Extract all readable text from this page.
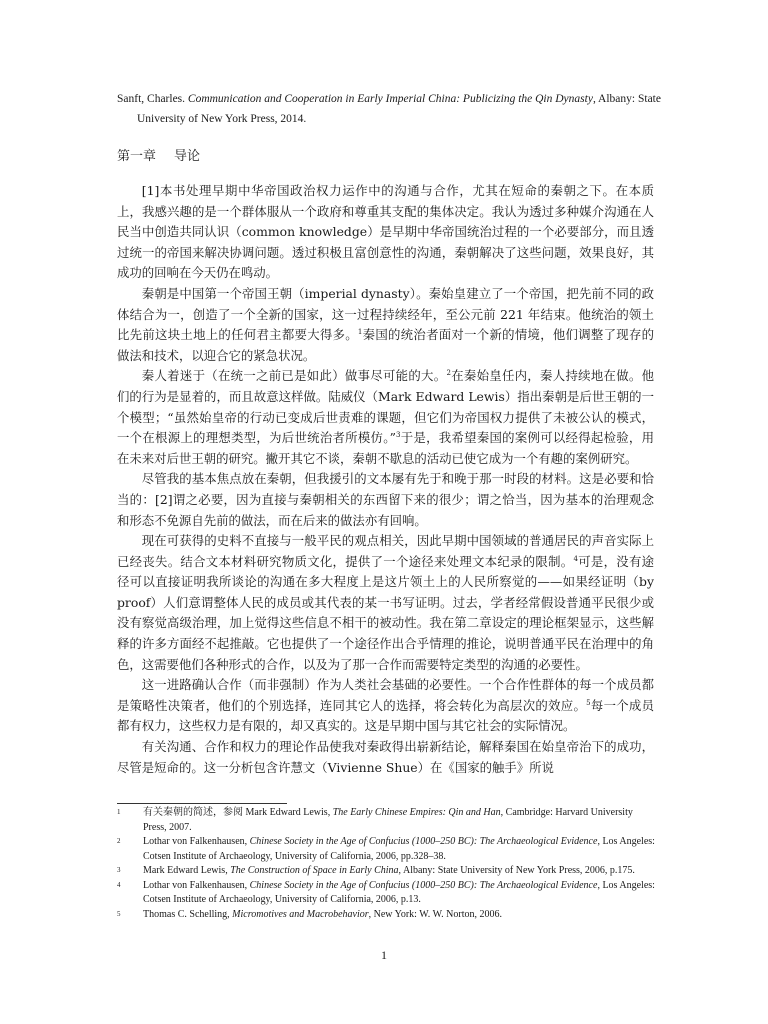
Sanft, Charles. Communication and Cooperation in Early Imperial China: Publicizing the Qin Dynasty, Albany: State University of New York Press, 2014.
第一章 导论

[1]本书处理早期中华帝国政治权力运作中的沟通与合作，尤其在短命的秦朝之下。在本质上，我感兴趣的是一个群体服从一个政府和尊重其支配的集体决定。我认为透过多种媒介沟通在人民当中创造共同认识（common knowledge）是早期中华帝国统治过程的一个必要部分，而且透过统一的帝国来解决协调问题。透过积极且富创意性的沟通，秦朝解决了这些问题，效果良好，其成功的回响在今天仍在鸣动。

秦朝是中国第一个帝国王朝（imperial dynasty）。秦始皇建立了一个帝国，把先前不同的政体结合为一，创造了一个全新的国家，这一过程持续经年，至公元前 221 年结束。他统治的领土比先前这块土地上的任何君主都要大得多。$^1$秦国的统治者面对一个新的情境，他们调整了现存的做法和技术，以迎合它的紧急状况。

秦人着迷于（在统一之前已是如此）做事尽可能的大。$^2$在秦始皇任内，秦人持续地在做。他们的行为是显着的，而且故意这样做。陆威仪（Mark Edward Lewis）指出秦朝是后世王朝的一个模型；“虽然始皇帝的行动已变成后世责难的课题，但它们为帝国权力提供了未被公认的模式，一个在根源上的理想类型，为后世统治者所模仿。”$^3$于是，我希望秦国的案例可以经得起检验，用在未来对后世王朝的研究。撇开其它不谈，秦朝不歇息的活动已使它成为一个有趣的案例研究。

尽管我的基本焦点放在秦朝，但我援引的文本屡有先于和晚于那一时段的材料。这是必要和恰当的：[2]谓之必要，因为直接与秦朝相关的东西留下来的很少；谓之恰当，因为基本的治理观念和形态不免源自先前的做法，而在后来的做法亦有回响。

现在可获得的史料不直接与一般平民的观点相关，因此早期中国领域的普通居民的声音实际上已经丧失。结合文本材料研究物质文化，提供了一个途径来处理文本纪录的限制。$^4$可是，没有途径可以直接证明我所谈论的沟通在多大程度上是这片领土上的人民所察觉的——如果经证明（by proof）人们意谓整体人民的成员或其代表的某一书写证明。过去，学者经常假设普通平民很少或没有察觉高级治理，加上觉得这些信息不相干的被动性。我在第二章设定的理论框架显示，这些解释的许多方面经不起推敲。它也提供了一个途径作出合乎情理的推论，说明普通平民在治理中的角色，这需要他们各种形式的合作，以及为了那一合作而需要特定类型的沟通的必要性。

这一进路确认合作（而非强制）作为人类社会基础的必要性。一个合作性群体的每一个成员都是策略性决策者，他们的个别选择，连同其它人的选择，将会转化为高层次的效应。$^5$每一个成员都有权力，这些权力是有限的，却又真实的。这是早期中国与其它社会的实际情况。

有关沟通、合作和权力的理论作品使我对秦政得出崭新结论，解释秦国在始皇帝治下的成功，尽管是短命的。这一分析包含许慧文（Vivienne Shue）在《国家的触手》所说

1 有关秦朝的简述，参阅 Mark Edward Lewis, The Early Chinese Empires: Qin and Han, Cambridge: Harvard University Press, 2007.
2 Lothar von Falkenhausen, Chinese Society in the Age of Confucius (1000–250 BC): The Archaeological Evidence, Los Angeles: Cotsen Institute of Archaeology, University of California, 2006, pp.328–38.
3 Mark Edward Lewis, The Construction of Space in Early China, Albany: State University of New York Press, 2006, p.175.
4 Lothar von Falkenhausen, Chinese Society in the Age of Confucius (1000–250 BC): The Archaeological Evidence, Los Angeles: Cotsen Institute of Archaeology, University of California, 2006, p.13.
5 Thomas C. Schelling, Micromotives and Macrobehavior, New York: W. W. Norton, 2006.
1
